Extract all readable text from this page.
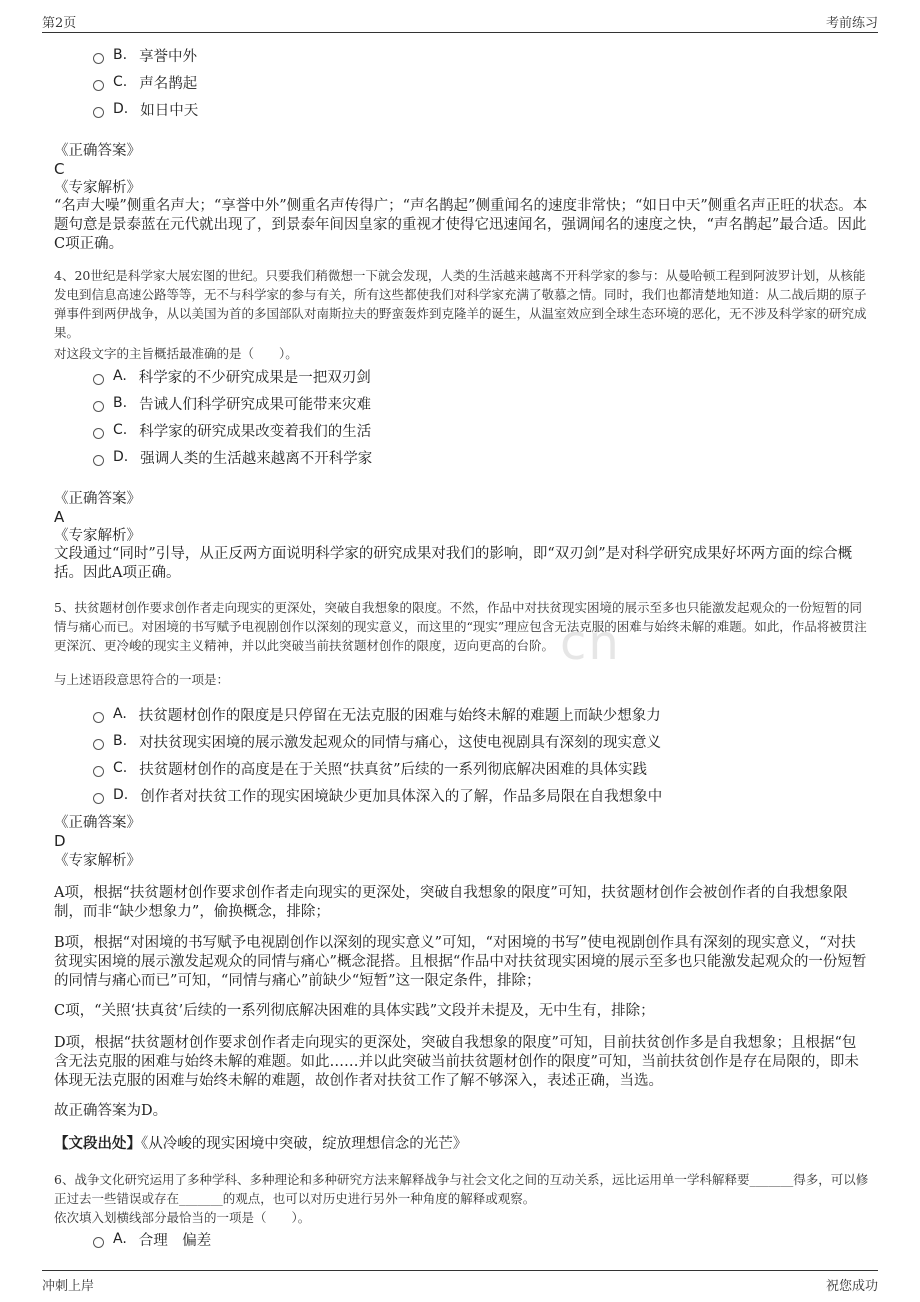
第2页	考前练习
cn
B. 享誉中外
C. 声名鹊起
D. 如日中天
《正确答案》
C
《专家解析》
“名声大噪”侧重名声大；“享誉中外”侧重名声传得广；“声名鹊起”侧重闻名的速度非常快；“如日中天”侧重名声正旺的状态。本题句意是景泰蓝在元代就出现了，到景泰年间因皇家的重视才使得它迅速闻名，强调闻名的速度之快，“声名鹊起”最合适。因此C项正确。
4、20世纪是科学家大展宏图的世纪。只要我们稍微想一下就会发现，人类的生活越来越离不开科学家的参与：从曼哈顿工程到阿波罗计划，从核能发电到信息高速公路等等，无不与科学家的参与有关，所有这些都使我们对科学家充满了敬慕之情。同时，我们也都清楚地知道：从二战后期的原子弹事件到两伊战争，从以美国为首的多国部队对南斯拉夫的野蛮轰炸到克隆羊的诞生，从温室效应到全球生态环境的恶化，无不涉及科学家的研究成果。
对这段文字的主旨概括最准确的是（　　）。
A. 科学家的不少研究成果是一把双刃剑
B. 告诫人们科学研究成果可能带来灾难
C. 科学家的研究成果改变着我们的生活
D. 强调人类的生活越来越离不开科学家
《正确答案》
A
《专家解析》
文段通过“同时”引导，从正反两方面说明科学家的研究成果对我们的影响，即“双刃剑”是对科学研究成果好坏两方面的综合概括。因此A项正确。
5、扶贫题材创作要求创作者走向现实的更深处，突破自我想象的限度。不然，作品中对扶贫现实困境的展示至多也只能激发起观众的一份短暂的同情与痛心而已。对困境的书写赋予电视剧创作以深刻的现实意义，而这里的“现实”理应包含无法克服的困难与始终未解的难题。如此，作品将被贯注更深沉、更冷峻的现实主义精神，并以此突破当前扶贫题材创作的限度，迈向更高的台阶。
与上述语段意思符合的一项是：
A. 扶贫题材创作的限度是只停留在无法克服的困难与始终未解的难题上而缺少想象力
B. 对扶贫现实困境的展示激发起观众的同情与痛心，这使电视剧具有深刻的现实意义
C. 扶贫题材创作的高度是在于关照“扶真贫”后续的一系列彻底解决困难的具体实践
D. 创作者对扶贫工作的现实困境缺少更加具体深入的了解，作品多局限在自我想象中
《正确答案》
D
《专家解析》
A项，根据“扶贫题材创作要求创作者走向现实的更深处，突破自我想象的限度”可知，扶贫题材创作会被创作者的自我想象限制，而非“缺少想象力”，偷换概念，排除；
B项，根据“对困境的书写赋予电视剧创作以深刻的现实意义”可知，“对困境的书写”使电视剧创作具有深刻的现实意义，“对扶贫现实困境的展示激发起观众的同情与痛心”概念混搭。且根据“作品中对扶贫现实困境的展示至多也只能激发起观众的一份短暂的同情与痛心而已”可知，“同情与痛心”前缺少“短暂”这一限定条件，排除；
C项，“关照‘扶真贫’后续的一系列彻底解决困难的具体实践”文段并未提及，无中生有，排除；
D项，根据“扶贫题材创作要求创作者走向现实的更深处，突破自我想象的限度”可知，目前扶贫创作多是自我想象；且根据“包含无法克服的困难与始终未解的难题。如此……并以此突破当前扶贫题材创作的限度”可知，当前扶贫创作是存在局限的，即未体现无法克服的困难与始终未解的难题，故创作者对扶贫工作了解不够深入，表述正确，当选。
故正确答案为D。
【文段出处】《从冷峻的现实困境中突破，绽放理想信念的光芒》
6、战争文化研究运用了多种学科、多种理论和多种研究方法来解释战争与社会文化之间的互动关系，远比运用单一学科解释要_______得多，可以修正过去一些错误或存在_______的观点，也可以对历史进行另外一种角度的解释或观察。
依次填入划横线部分最恰当的一项是（　　）。
A. 合理　偏差
冲刺上岸	祝您成功
